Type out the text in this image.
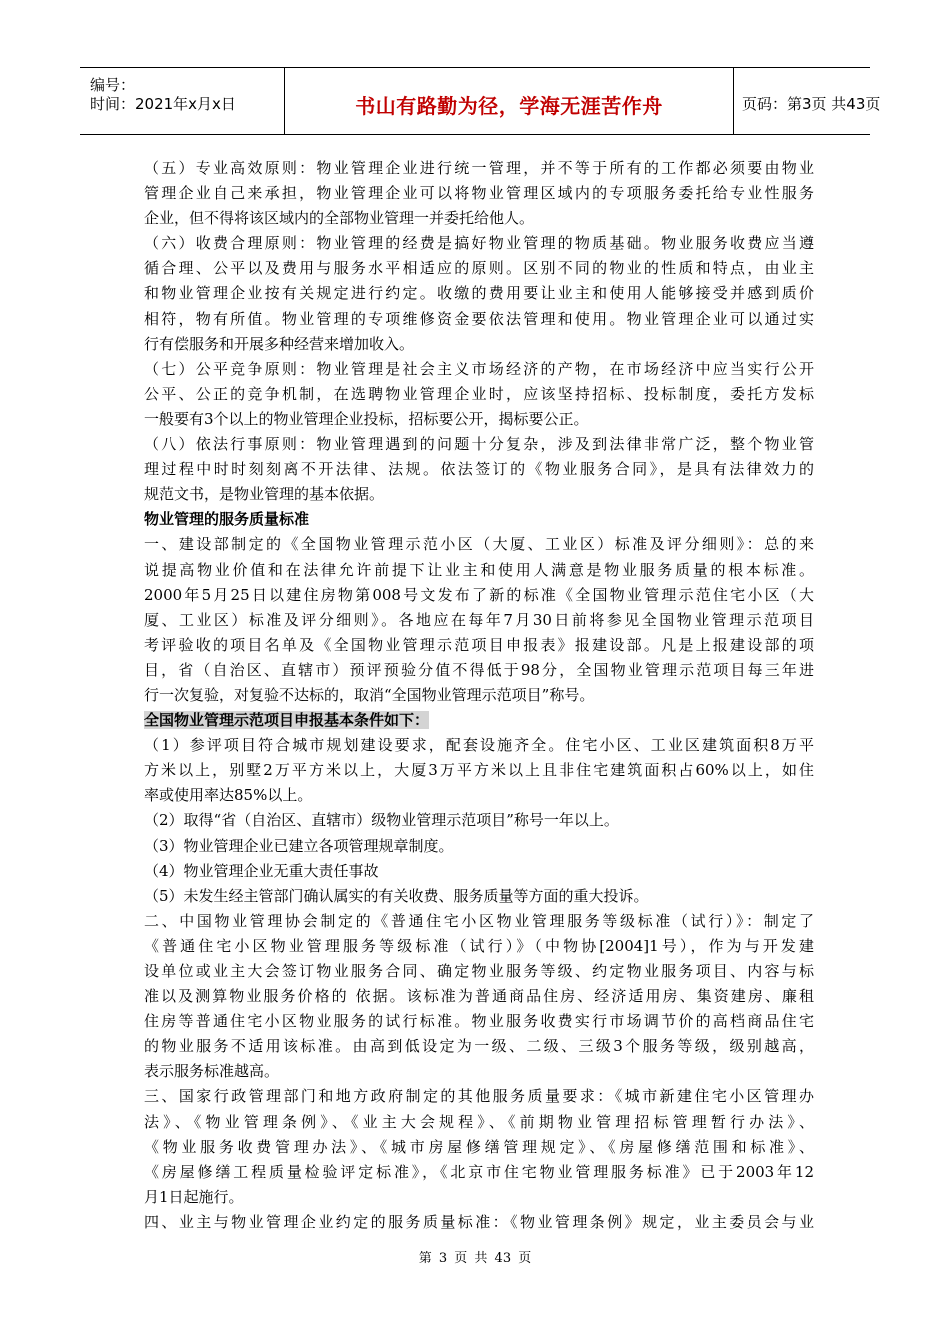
编号：
时间：2021年x月x日	书山有路勤为径，学海无涯苦作舟	页码：第3页 共43页
（五）专业高效原则：物业管理企业进行统一管理，并不等于所有的工作都必须要由物业
管理企业自己来承担，物业管理企业可以将物业管理区域内的专项服务委托给专业性服务
企业，但不得将该区域内的全部物业管理一并委托给他人。
（六）收费合理原则：物业管理的经费是搞好物业管理的物质基础。物业服务收费应当遵
循合理、公平以及费用与服务水平相适应的原则。区别不同的物业的性质和特点，由业主
和物业管理企业按有关规定进行约定。收缴的费用要让业主和使用人能够接受并感到质价
相符，物有所值。物业管理的专项维修资金要依法管理和使用。物业管理企业可以通过实
行有偿服务和开展多种经营来增加收入。
（七）公平竞争原则：物业管理是社会主义市场经济的产物，在市场经济中应当实行公开
公平、公正的竞争机制，在选聘物业管理企业时，应该坚持招标、投标制度，委托方发标
一般要有3个以上的物业管理企业投标，招标要公开，揭标要公正。
（八）依法行事原则：物业管理遇到的问题十分复杂，涉及到法律非常广泛，整个物业管
理过程中时时刻刻离不开法律、法规。依法签订的《物业服务合同》，是具有法律效力的
规范文书，是物业管理的基本依据。
物业管理的服务质量标准
一、建设部制定的《全国物业管理示范小区（大厦、工业区）标准及评分细则》：总的来
说提高物业价值和在法律允许前提下让业主和使用人满意是物业服务质量的根本标准。
2000年5月25日以建住房物第008号文发布了新的标准《全国物业管理示范住宅小区（大
厦、工业区）标准及评分细则》。各地应在每年7月30日前将参见全国物业管理示范项目
考评验收的项目名单及《全国物业管理示范项目申报表》报建设部。凡是上报建设部的项
目，省（自治区、直辖市）预评预验分值不得低于98分，全国物业管理示范项目每三年进
行一次复验，对复验不达标的，取消“全国物业管理示范项目”称号。
全国物业管理示范项目申报基本条件如下：
（1）参评项目符合城市规划建设要求，配套设施齐全。住宅小区、工业区建筑面积8万平
方米以上，别墅2万平方米以上，大厦3万平方米以上且非住宅建筑面积占60%以上，如住
率或使用率达85%以上。
（2）取得“省（自治区、直辖市）级物业管理示范项目”称号一年以上。
（3）物业管理企业已建立各项管理规章制度。
（4）物业管理企业无重大责任事故
（5）未发生经主管部门确认属实的有关收费、服务质量等方面的重大投诉。
二、中国物业管理协会制定的《普通住宅小区物业管理服务等级标准（试行）》：制定了
《普通住宅小区物业管理服务等级标准（试行）》（中物协[2004]1号），作为与开发建
设单位或业主大会签订物业服务合同、确定物业服务等级、约定物业服务项目、内容与标
准以及测算物业服务价格的 依据。该标准为普通商品住房、经济适用房、集资建房、廉租
住房等普通住宅小区物业服务的试行标准。物业服务收费实行市场调节价的高档商品住宅
的物业服务不适用该标准。由高到低设定为一级、二级、三级3个服务等级，级别越高，
表示服务标准越高。
三、国家行政管理部门和地方政府制定的其他服务质量要求：《城市新建住宅小区管理办
法》、《物业管理条例》、《业主大会规程》、《前期物业管理招标管理暂行办法》、
《物业服务收费管理办法》、《城市房屋修缮管理规定》、《房屋修缮范围和标准》、
《房屋修缮工程质量检验评定标准》，《北京市住宅物业管理服务标准》已于2003年12
月1日起施行。
四、业主与物业管理企业约定的服务质量标准：《物业管理条例》规定，业主委员会与业
第 3 页 共 43 页
